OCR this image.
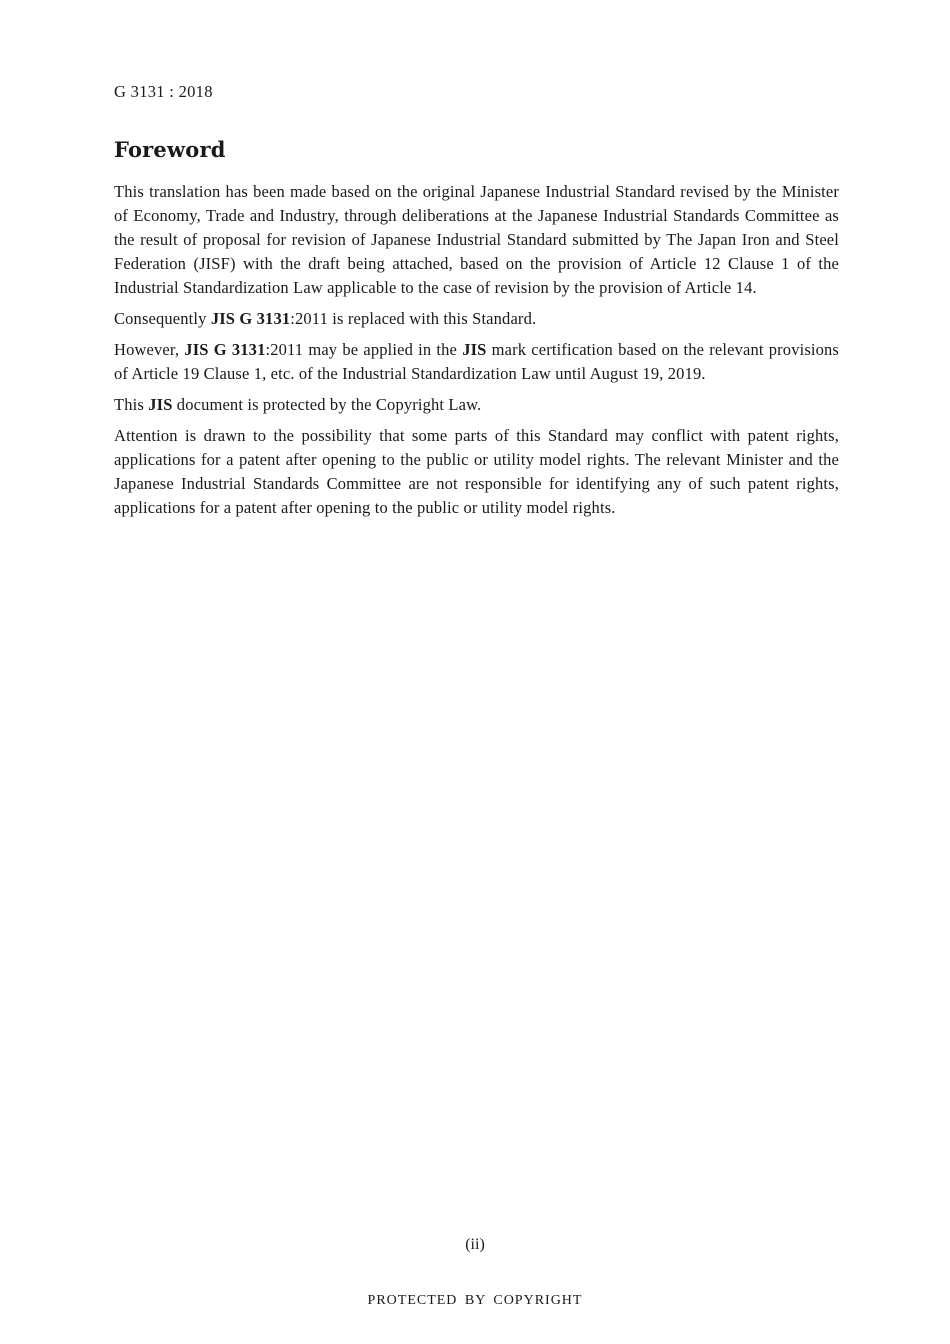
G 3131 : 2018
Foreword

This translation has been made based on the original Japanese Industrial Standard revised by the Minister of Economy, Trade and Industry, through deliberations at the Japanese Industrial Standards Committee as the result of proposal for revision of Japanese Industrial Standard submitted by The Japan Iron and Steel Federation (JISF) with the draft being attached, based on the provision of Article 12 Clause 1 of the Industrial Standardization Law applicable to the case of revision by the provision of Article 14.

Consequently JIS G 3131:2011 is replaced with this Standard.

However, JIS G 3131:2011 may be applied in the JIS mark certification based on the relevant provisions of Article 19 Clause 1, etc. of the Industrial Standardization Law until August 19, 2019.

This JIS document is protected by the Copyright Law.

Attention is drawn to the possibility that some parts of this Standard may conflict with patent rights, applications for a patent after opening to the public or utility model rights. The relevant Minister and the Japanese Industrial Standards Committee are not responsible for identifying any of such patent rights, applications for a patent after opening to the public or utility model rights.

(ii)
PROTECTED BY COPYRIGHT
